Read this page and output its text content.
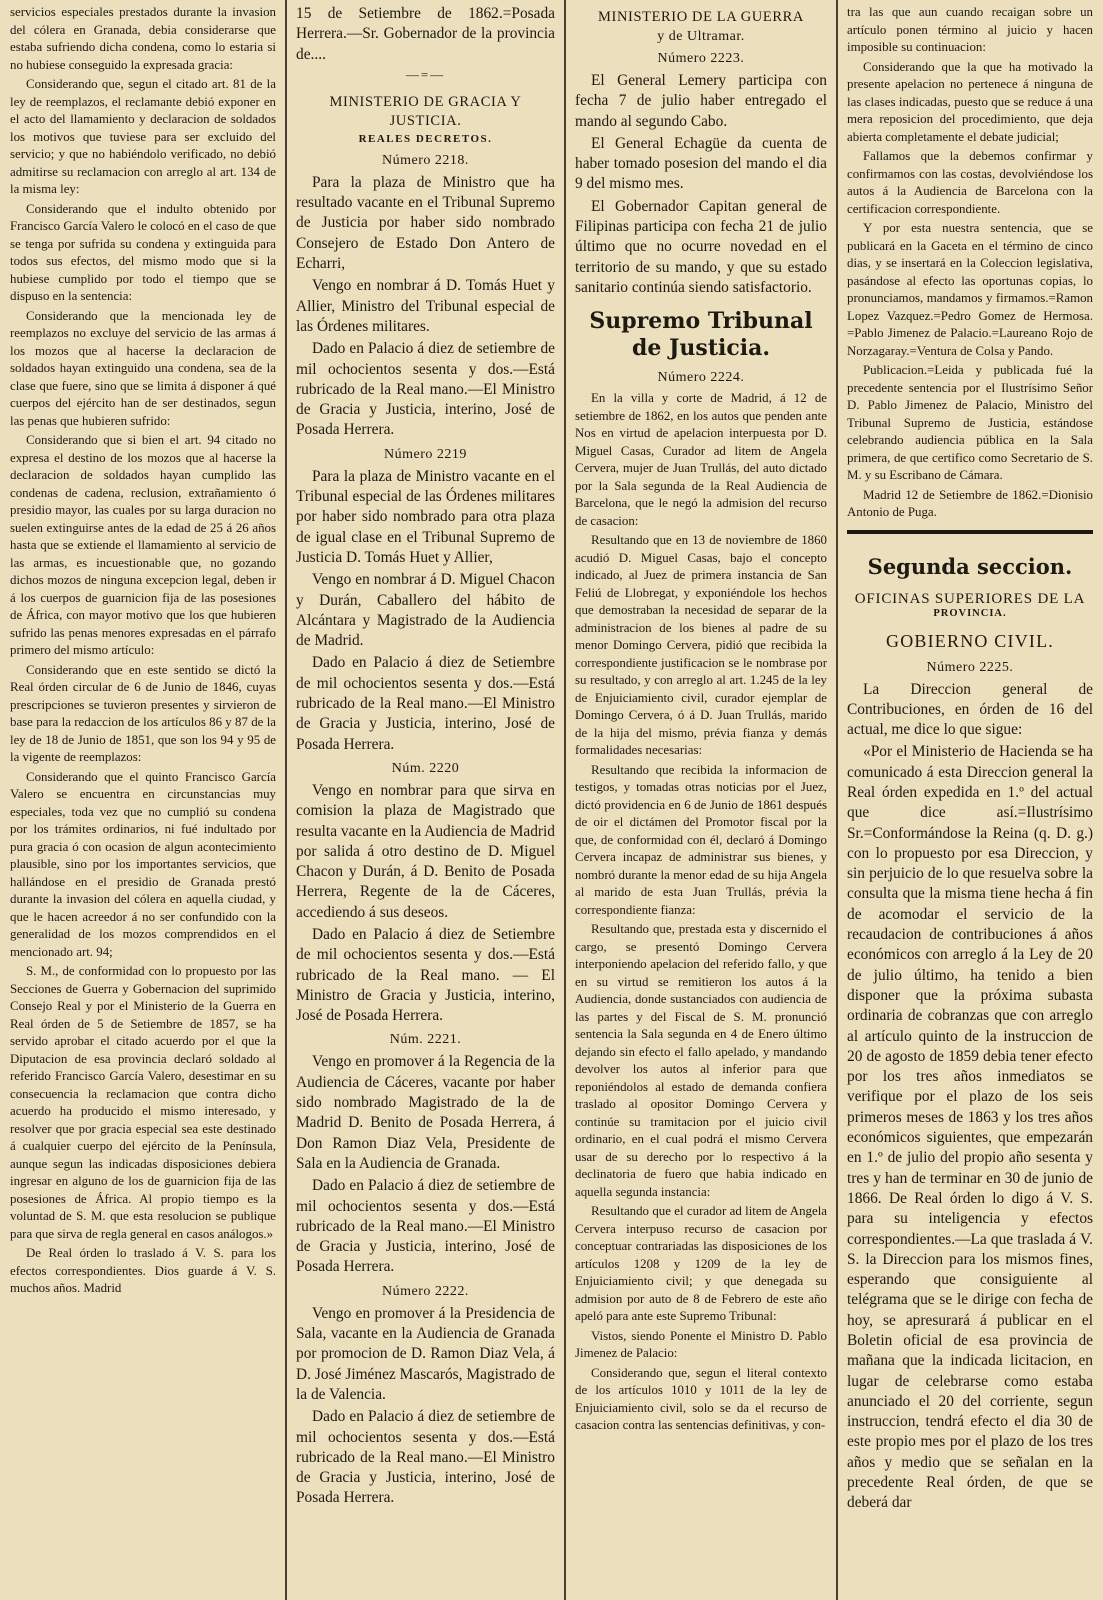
servicios especiales prestados durante la invasion del cólera en Granada, debia considerarse que estaba sufriendo dicha condena, como lo estaria si no hubiese conseguido la expresada gracia:

Considerando que, segun el citado art. 81 de la ley de reemplazos, el reclamante debió exponer en el acto del llamamiento y declaracion de soldados los motivos que tuviese para ser excluido del servicio; y que no habiéndolo verificado, no debió admitirse su reclamacion con arreglo al art. 134 de la misma ley:

Considerando que el indulto obtenido por Francisco García Valero le colocó en el caso de que se tenga por sufrida su condena y extinguida para todos sus efectos, del mismo modo que si la hubiese cumplido por todo el tiempo que se dispuso en la sentencia:

Considerando que la mencionada ley de reemplazos no excluye del servicio de las armas á los mozos que al hacerse la declaracion de soldados hayan extinguido una condena, sea de la clase que fuere, sino que se limita á disponer á qué cuerpos del ejército han de ser destinados, segun las penas que hubieren sufrido:

Considerando que si bien el art. 94 citado no expresa el destino de los mozos que al hacerse la declaracion de soldados hayan cumplido las condenas de cadena, reclusion, extrañamiento ó presidio mayor, las cuales por su larga duracion no suelen extinguirse antes de la edad de 25 á 26 años hasta que se extiende el llamamiento al servicio de las armas, es incuestionable que, no gozando dichos mozos de ninguna excepcion legal, deben ir á los cuerpos de guarnicion fija de las posesiones de África, con mayor motivo que los que hubieren sufrido las penas menores expresadas en el párrafo primero del mismo artículo:

Considerando que en este sentido se dictó la Real órden circular de 6 de Junio de 1846, cuyas prescripciones se tuvieron presentes y sirvieron de base para la redaccion de los artículos 86 y 87 de la ley de 18 de Junio de 1851, que son los 94 y 95 de la vigente de reemplazos:

Considerando que el quinto Francisco García Valero se encuentra en circunstancias muy especiales, toda vez que no cumplió su condena por los trámites ordinarios, ni fué indultado por pura gracia ó con ocasion de algun acontecimiento plausible, sino por los importantes servicios, que hallándose en el presidio de Granada prestó durante la invasion del cólera en aquella ciudad, y que le hacen acreedor á no ser confundido con la generalidad de los mozos comprendidos en el mencionado art. 94;

S. M., de conformidad con lo propuesto por las Secciones de Guerra y Gobernacion del suprimido Consejo Real y por el Ministerio de la Guerra en Real órden de 5 de Setiembre de 1857, se ha servido aprobar el citado acuerdo por el que la Diputacion de esa provincia declaró soldado al referido Francisco García Valero, desestimar en su consecuencia la reclamacion que contra dicho acuerdo ha producido el mismo interesado, y resolver que por gracia especial sea este destinado á cualquier cuerpo del ejército de la Península, aunque segun las indicadas disposiciones debiera ingresar en alguno de los de guarnicion fija de las posesiones de África. Al propio tiempo es la voluntad de S. M. que esta resolucion se publique para que sirva de regla general en casos análogos.»

De Real órden lo traslado á V. S. para los efectos correspondientes. Dios guarde á V. S. muchos años. Madrid

15 de Setiembre de 1862.=Posada Herrera.—Sr. Gobernador de la provincia de....

—=—
MINISTERIO DE GRACIA Y JUSTICIA.
REALES DECRETOS.
Número 2218.

Para la plaza de Ministro que ha resultado vacante en el Tribunal Supremo de Justicia por haber sido nombrado Consejero de Estado Don Antero de Echarri,

Vengo en nombrar á D. Tomás Huet y Allier, Ministro del Tribunal especial de las Órdenes militares.

Dado en Palacio á diez de setiembre de mil ochocientos sesenta y dos.—Está rubricado de la Real mano.—El Ministro de Gracia y Justicia, interino, José de Posada Herrera.

Número 2219

Para la plaza de Ministro vacante en el Tribunal especial de las Órdenes militares por haber sido nombrado para otra plaza de igual clase en el Tribunal Supremo de Justicia D. Tomás Huet y Allier,

Vengo en nombrar á D. Miguel Chacon y Durán, Caballero del hábito de Alcántara y Magistrado de la Audiencia de Madrid.

Dado en Palacio á diez de Setiembre de mil ochocientos sesenta y dos.—Está rubricado de la Real mano.—El Ministro de Gracia y Justicia, interino, José de Posada Herrera.

Núm. 2220

Vengo en nombrar para que sirva en comision la plaza de Magistrado que resulta vacante en la Audiencia de Madrid por salida á otro destino de D. Miguel Chacon y Durán, á D. Benito de Posada Herrera, Regente de la de Cáceres, accediendo á sus deseos.

Dado en Palacio á diez de Setiembre de mil ochocientos sesenta y dos.—Está rubricado de la Real mano. — El Ministro de Gracia y Justicia, interino, José de Posada Herrera.

Núm. 2221.

Vengo en promover á la Regencia de la Audiencia de Cáceres, vacante por haber sido nombrado Magistrado de la de Madrid D. Benito de Posada Herrera, á Don Ramon Diaz Vela, Presidente de Sala en la Audiencia de Granada.

Dado en Palacio á diez de setiembre de mil ochocientos sesenta y dos.—Está rubricado de la Real mano.—El Ministro de Gracia y Justicia, interino, José de Posada Herrera.

Número 2222.

Vengo en promover á la Presidencia de Sala, vacante en la Audiencia de Granada por promocion de D. Ramon Diaz Vela, á D. José Jiménez Mascarós, Magistrado de la de Valencia.

Dado en Palacio á diez de setiembre de mil ochocientos sesenta y dos.—Está rubricado de la Real mano.—El Ministro de Gracia y Justicia, interino, José de Posada Herrera.

MINISTERIO DE LA GUERRA
y de Ultramar.
Número 2223.

El General Lemery participa con fecha 7 de julio haber entregado el mando al segundo Cabo.

El General Echagüe da cuenta de haber tomado posesion del mando el dia 9 del mismo mes.

El Gobernador Capitan general de Filipinas participa con fecha 21 de julio último que no ocurre novedad en el territorio de su mando, y que su estado sanitario continúa siendo satisfactorio.

Supremo Tribunal de Justicia.
Número 2224.

En la villa y corte de Madrid, á 12 de setiembre de 1862, en los autos que penden ante Nos en virtud de apelacion interpuesta por D. Miguel Casas, Curador ad litem de Angela Cervera, mujer de Juan Trullás, del auto dictado por la Sala segunda de la Real Audiencia de Barcelona, que le negó la admision del recurso de casacion:

Resultando que en 13 de noviembre de 1860 acudió D. Miguel Casas, bajo el concepto indicado, al Juez de primera instancia de San Feliú de Llobregat, y exponiéndole los hechos que demostraban la necesidad de separar de la administracion de los bienes al padre de su menor Domingo Cervera, pidió que recibida la correspondiente justificacion se le nombrase por su resultado, y con arreglo al art. 1.245 de la ley de Enjuiciamiento civil, curador ejemplar de Domingo Cervera, ó á D. Juan Trullás, marido de la hija del mismo, prévia fianza y demás formalidades necesarias:

Resultando que recibida la informacion de testigos, y tomadas otras noticias por el Juez, dictó providencia en 6 de Junio de 1861 después de oir el dictámen del Promotor fiscal por la que, de conformidad con él, declaró á Domingo Cervera incapaz de administrar sus bienes, y nombró durante la menor edad de su hija Angela al marido de esta Juan Trullás, prévia la correspondiente fianza:

Resultando que, prestada esta y discernido el cargo, se presentó Domingo Cervera interponiendo apelacion del referido fallo, y que en su virtud se remitieron los autos á la Audiencia, donde sustanciados con audiencia de las partes y del Fiscal de S. M. pronunció sentencia la Sala segunda en 4 de Enero último dejando sin efecto el fallo apelado, y mandando devolver los autos al inferior para que reponiéndolos al estado de demanda confiera traslado al opositor Domingo Cervera y continúe su tramitacion por el juicio civil ordinario, en el cual podrá el mismo Cervera usar de su derecho por lo respectivo á la declinatoria de fuero que habia indicado en aquella segunda instancia:

Resultando que el curador ad litem de Angela Cervera interpuso recurso de casacion por conceptuar contrariadas las disposiciones de los artículos 1208 y 1209 de la ley de Enjuiciamiento civil; y que denegada su admision por auto de 8 de Febrero de este año apeló para ante este Supremo Tribunal:

Vistos, siendo Ponente el Ministro D. Pablo Jimenez de Palacio:

Considerando que, segun el literal contexto de los artículos 1010 y 1011 de la ley de Enjuiciamiento civil, solo se da el recurso de casacion contra las sentencias definitivas, y con-

tra las que aun cuando recaigan sobre un artículo ponen término al juicio y hacen imposible su continuacion:

Considerando que la que ha motivado la presente apelacion no pertenece á ninguna de las clases indicadas, puesto que se reduce á una mera reposicion del procedimiento, que deja abierta completamente el debate judicial;

Fallamos que la debemos confirmar y confirmamos con las costas, devolviéndose los autos á la Audiencia de Barcelona con la certificacion correspondiente.

Y por esta nuestra sentencia, que se publicará en la Gaceta en el término de cinco dias, y se insertará en la Coleccion legislativa, pasándose al efecto las oportunas copias, lo pronunciamos, mandamos y firmamos.=Ramon Lopez Vazquez.=Pedro Gomez de Hermosa. =Pablo Jimenez de Palacio.=Laureano Rojo de Norzagaray.=Ventura de Colsa y Pando.

Publicacion.=Leida y publicada fué la precedente sentencia por el Ilustrísimo Señor D. Pablo Jimenez de Palacio, Ministro del Tribunal Supremo de Justicia, estándose celebrando audiencia pública en la Sala primera, de que certifico como Secretario de S. M. y su Escribano de Cámara.

Madrid 12 de Setiembre de 1862.=Dionisio Antonio de Puga.

Segunda seccion.
OFICINAS SUPERIORES DE LA
PROVINCIA.
GOBIERNO CIVIL.
Número 2225.

La Direccion general de Contribuciones, en órden de 16 del actual, me dice lo que sigue:

«Por el Ministerio de Hacienda se ha comunicado á esta Direccion general la Real órden expedida en 1.º del actual que dice así.=Ilustrísimo Sr.=Conformándose la Reina (q. D. g.) con lo propuesto por esa Direccion, y sin perjuicio de lo que resuelva sobre la consulta que la misma tiene hecha á fin de acomodar el servicio de la recaudacion de contribuciones á años económicos con arreglo á la Ley de 20 de julio último, ha tenido a bien disponer que la próxima subasta ordinaria de cobranzas que con arreglo al artículo quinto de la instruccion de 20 de agosto de 1859 debia tener efecto por los tres años inmediatos se verifique por el plazo de los seis primeros meses de 1863 y los tres años económicos siguientes, que empezarán en 1.º de julio del propio año sesenta y tres y han de terminar en 30 de junio de 1866. De Real órden lo digo á V. S. para su inteligencia y efectos correspondientes.—La que traslada á V. S. la Direccion para los mismos fines, esperando que consiguiente al telégrama que se le dirige con fecha de hoy, se apresurará á publicar en el Boletin oficial de esa provincia de mañana que la indicada licitacion, en lugar de celebrarse como estaba anunciado el 20 del corriente, segun instruccion, tendrá efecto el dia 30 de este propio mes por el plazo de los tres años y medio que se señalan en la precedente Real órden, de que se deberá dar
